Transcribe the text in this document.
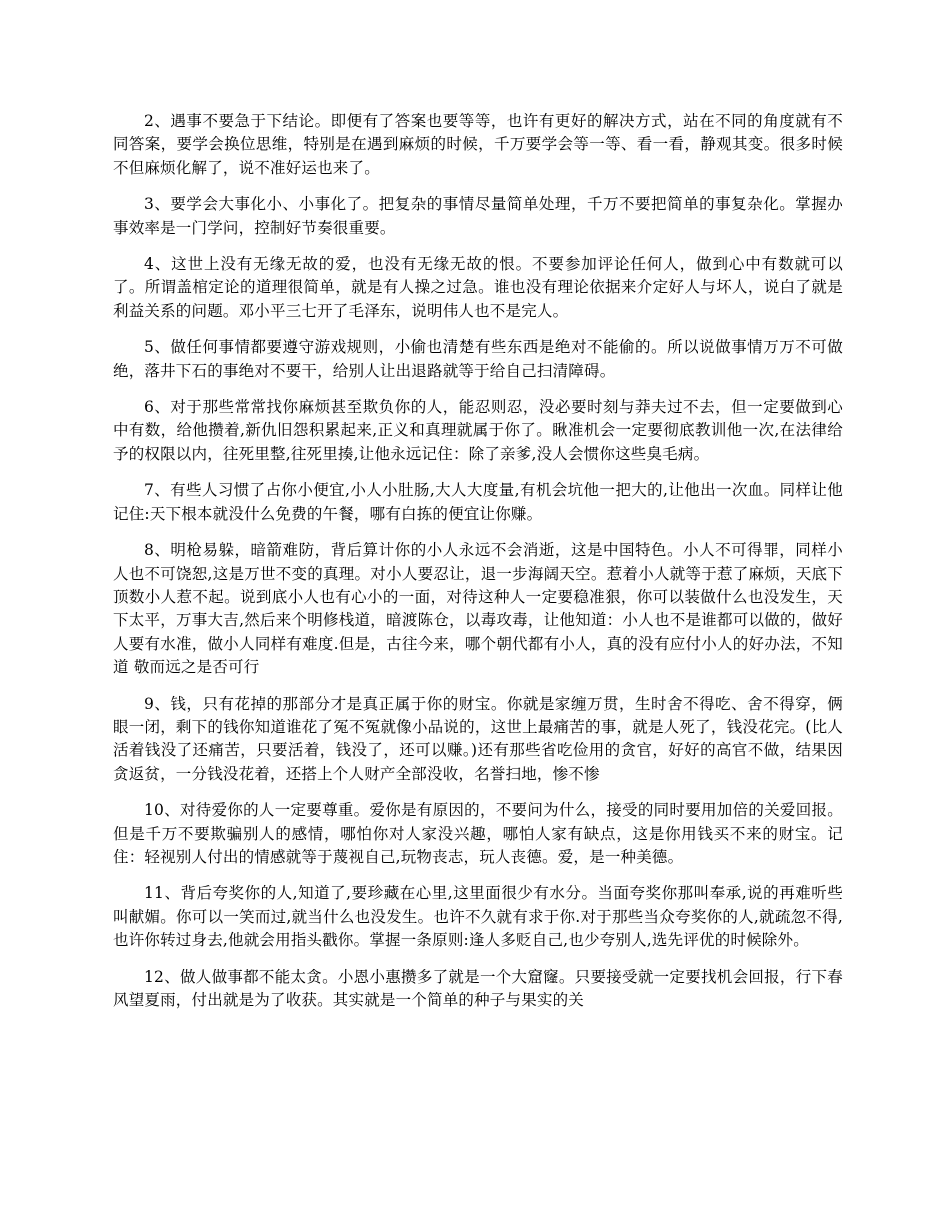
2、遇事不要急于下结论。即便有了答案也要等等，也许有更好的解决方式，站在不同的角度就有不同答案，要学会换位思维，特别是在遇到麻烦的时候，千万要学会等一等、看一看，静观其变。很多时候不但麻烦化解了，说不准好运也来了。

3、要学会大事化小、小事化了。把复杂的事情尽量简单处理，千万不要把简单的事复杂化。掌握办事效率是一门学问，控制好节奏很重要。

4、这世上没有无缘无故的爱，也没有无缘无故的恨。不要参加评论任何人，做到心中有数就可以了。所谓盖棺定论的道理很简单，就是有人操之过急。谁也没有理论依据来介定好人与坏人，说白了就是利益关系的问题。邓小平三七开了毛泽东，说明伟人也不是完人。

5、做任何事情都要遵守游戏规则，小偷也清楚有些东西是绝对不能偷的。所以说做事情万万不可做绝，落井下石的事绝对不要干，给别人让出退路就等于给自己扫清障碍。

6、对于那些常常找你麻烦甚至欺负你的人，能忍则忍，没必要时刻与莽夫过不去，但一定要做到心中有数，给他攒着,新仇旧怨积累起来,正义和真理就属于你了。瞅准机会一定要彻底教训他一次,在法律给予的权限以内，往死里整,往死里揍,让他永远记住：除了亲爹,没人会惯你这些臭毛病。

7、有些人习惯了占你小便宜,小人小肚肠,大人大度量,有机会坑他一把大的,让他出一次血。同样让他记住:天下根本就没什么免费的午餐，哪有白拣的便宜让你赚。

8、明枪易躲，暗箭难防，背后算计你的小人永远不会消逝，这是中国特色。小人不可得罪，同样小人也不可饶恕,这是万世不变的真理。对小人要忍让，退一步海阔天空。惹着小人就等于惹了麻烦，天底下顶数小人惹不起。说到底小人也有心小的一面，对待这种人一定要稳准狠，你可以装做什么也没发生，天下太平，万事大吉,然后来个明修栈道，暗渡陈仓，以毒攻毒，让他知道：小人也不是谁都可以做的，做好人要有水准，做小人同样有难度.但是，古往今来，哪个朝代都有小人，真的没有应付小人的好办法，不知道 敬而远之是否可行

9、钱，只有花掉的那部分才是真正属于你的财宝。你就是家缠万贯，生时舍不得吃、舍不得穿，俩眼一闭，剩下的钱你知道谁花了冤不冤就像小品说的，这世上最痛苦的事，就是人死了，钱没花完。(比人活着钱没了还痛苦，只要活着，钱没了，还可以赚。)还有那些省吃俭用的贪官，好好的高官不做，结果因贪返贫，一分钱没花着，还搭上个人财产全部没收，名誉扫地，惨不惨

10、对待爱你的人一定要尊重。爱你是有原因的，不要问为什么，接受的同时要用加倍的关爱回报。但是千万不要欺骗别人的感情，哪怕你对人家没兴趣，哪怕人家有缺点，这是你用钱买不来的财宝。记住：轻视别人付出的情感就等于蔑视自己,玩物丧志，玩人丧德。爱，是一种美德。

11、背后夸奖你的人,知道了,要珍藏在心里,这里面很少有水分。当面夸奖你那叫奉承,说的再难听些叫献媚。你可以一笑而过,就当什么也没发生。也许不久就有求于你.对于那些当众夸奖你的人,就疏忽不得,也许你转过身去,他就会用指头戳你。掌握一条原则:逢人多贬自己,也少夸别人,选先评优的时候除外。

12、做人做事都不能太贪。小恩小惠攒多了就是一个大窟窿。只要接受就一定要找机会回报，行下春风望夏雨，付出就是为了收获。其实就是一个简单的种子与果实的关
